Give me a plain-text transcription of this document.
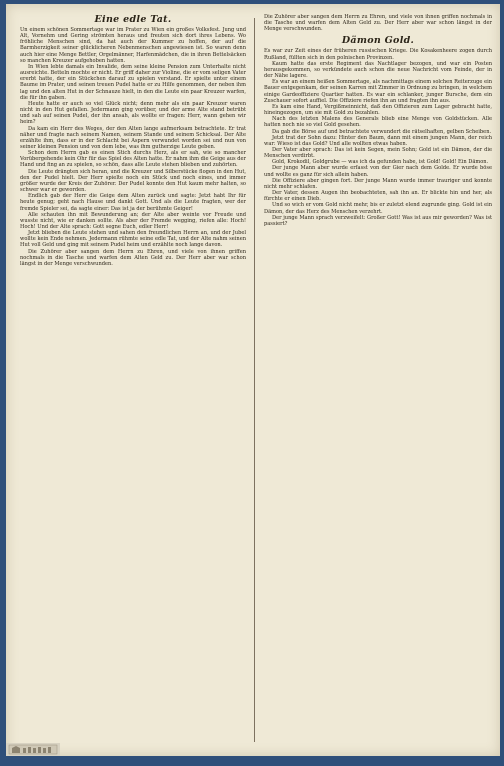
Eine edle Tat.

Un einem schönen Sommertage war im Prater zu Wien ein großes Volksfest. Jung und Alt, Vornehm und Gering strömten heraus und freuten sich dort ihres Lebens. Wo fröhliche Menschen sind, da hat auch der Kummer zu hoffen, der auf die Barmherzigkeit seiner glücklicheren Nebenmenschen angewiesen ist. So waren denn auch hier eine Menge Bettler, Orgelmänner, Harfenmädchen, die in ihren Bettelsäcken so manchen Kreuzer aufgehoben hatten.

In Wien lebte damals ein Invalide, dem seine kleine Pension zum Unterhalte nicht ausreichte. Betteln mochte er nicht. Er griff daher zur Violine, die er vom seligen Vater ererbt hatte, der ein Stückchen darauf zu spielen verstand. Er spielte unter einem Baume im Prater, und seinen treuen Pudel hatte er zu Hilfe genommen, der neben ihm lag und den alten Hut in der Schnauze hielt, in den die Leute ein paar Kreuzer warfen, die für ihn gaben.

Heute hatte er auch so viel Glück nicht; denn mehr als ein paar Kreuzer waren nicht in den Hut gefallen. Jedermann ging vorüber, und der arme Alte stand betrübt und sah auf seinen Pudel, der ihn ansah, als wollte er fragen: Herr, wann gehen wir heim?

Da kam ein Herr des Weges, der den Alten lange aufmerksam betrachtete. Er trat näher und fragte nach seinem Namen, seinem Stande und seinem Schicksal. Der Alte erzählte ihm, dass er in der Schlacht bei Aspern verwundet worden sei und nun von seiner kleinen Pension und von dem lebe, was ihm gutherzige Leute geben.

Schon dem Herrn gab es einen Stich durchs Herz, als er sah, wie so mancher Vorübergehende kein Ohr für das Spiel des Alten hatte. Er nahm ihm die Geige aus der Hand und fing an zu spielen, so schön, dass alle Leute stehen blieben und zuhörten.

Die Leute drängten sich heran, und die Kreuzer und Silberstücke flogen in den Hut, den der Pudel hielt. Der Herr spielte noch ein Stück und noch eines, und immer größer wurde der Kreis der Zuhörer. Der Pudel konnte den Hut kaum mehr halten, so schwer war er geworden.

Endlich gab der Herr die Geige dem Alten zurück und sagte: Jetzt habt Ihr für heute genug; geht nach Hause und dankt Gott. Und als die Leute fragten, wer der fremde Spieler sei, da sagte einer: Das ist ja der berühmte Geiger!

Alle schauten ihn mit Bewunderung an; der Alte aber weinte vor Freude und wusste nicht, wie er danken sollte. Als aber der Fremde wegging, riefen alle: Hoch! Hoch! Und der Alte sprach: Gott segne Euch, edler Herr!

Jetzt blieben die Leute stehen und sahen den freundlichen Herrn an, und der Jubel wollte kein Ende nehmen. Jedermann rühmte seine edle Tat, und der Alte nahm seinen Hut voll Geld und ging mit seinem Pudel heim und erzählte noch lange davon.

Die Zuhörer aber sangen dem Herrn zu Ehren, und viele von ihnen griffen nochmals in die Tasche und warfen dem Alten Geld zu. Der Herr aber war schon längst in der Menge verschwunden.

Die Zuhörer aber sangen dem Herrn zu Ehren, und viele von ihnen griffen nochmals in die Tasche und warfen dem Alten Geld zu. Der Herr aber war schon längst in der Menge verschwunden.

Dämon Gold.

Es war zur Zeit eines der früheren russischen Kriege. Die Kosakenheere zogen durch Rußland, füllten sich in den polnischen Provinzen.

Kaum hatte das erste Regiment das Nachtlager bezogen, und war ein Posten herausgekommen, so verkündete auch schon die neue Nachricht vom Feinde, der in der Nähe lagere.

Es war an einem heißen Sommertage, als nachmittags einem solchen Reiterzuge ein Bauer entgegenkam, der seinen Karren mit Zimmer in Ordnung zu bringen, in welchem einige Gardeoffiziere Quartier hatten. Es war ein schlanker, junger Bursche, dem ein Zuschauer sofort auffiel. Die Offiziere riefen ihn an und fragten ihn aus.

Es kam eine Hand, Vergißmeinnicht, daß den Offizieren zum Lager gebracht hatte, hineingezogen, um sie mit Gold zu bezahlen.

Nach des letzten Malens des Generals blieb eine Menge von Goldstücken. Alle hatten noch nie so viel Gold gesehen.

Da gab die Börse auf und betrachtete verwundert die rätselhaften, gelben Scheiben.

Jetzt trat der Sohn dazu: Hinter den Baum, dann mit einem jungen Mann, der reich war: Wieso ist das Gold? Und alle wollten etwas haben.

Der Vater aber sprach: Das ist kein Segen, mein Sohn; Gold ist ein Dämon, der die Menschen verdirbt.

Gold, Krokodil, Goldgrube — was ich da gefunden habe, ist Gold! Gold! Ein Dämon.

Der junge Mann aber wurde erfasst von der Gier nach dem Golde. Er wurde böse und wollte es ganz für sich allein haben.

Die Offiziere aber gingen fort. Der junge Mann wurde immer trauriger und konnte nicht mehr schlafen.

Der Vater, dessen Augen ihn beobachteten, sah ihn an. Er blickte hin und her, als fürchte er einen Dieb.

Und so wich er vom Gold nicht mehr, bis er zuletzt elend zugrunde ging. Gold ist ein Dämon, der das Herz des Menschen verzehrt.

Der junge Mann sprach verzweifelt: Großer Gott! Was ist aus mir geworden? Was ist passiert?
